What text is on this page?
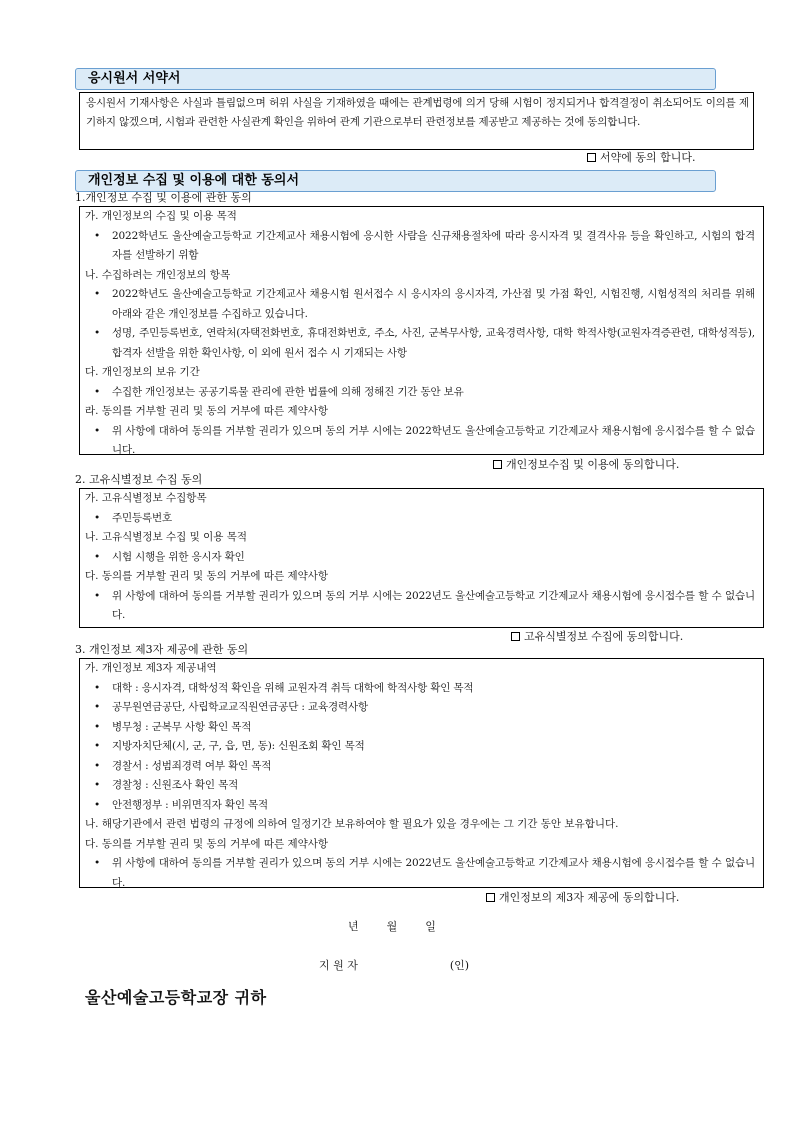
응시원서 서약서
응시원서 기재사항은 사실과 틀림없으며 허위 사실을 기재하였을 때에는 관계법령에 의거 당해 시험이 정지되거나 합격결정이 취소되어도 이의를 제기하지 않겠으며, 시험과 관련한 사실관계 확인을 위하여 관계 기관으로부터 관련정보를 제공받고 제공하는 것에 동의합니다.
서약에 동의 합니다.
개인정보 수집 및 이용에 대한 동의서
1.개인정보 수집 및 이용에 관한 동의
가. 개인정보의 수집 및 이용 목적
• 2022학년도 울산예술고등학교 기간제교사 채용시험에 응시한 사람을 신규채용절차에 따라 응시자격 및 결격사유 등을 확인하고, 시험의 합격자를 선발하기 위함
나. 수집하려는 개인정보의 항목
• 2022학년도 울산예술고등학교 기간제교사 채용시험 원서접수 시 응시자의 응시자격, 가산점 및 가점 확인, 시험진행, 시험성적의 처리를 위해 아래와 같은 개인정보를 수집하고 있습니다.
• 성명, 주민등록번호, 연락처(자택전화번호, 휴대전화번호, 주소, 사진, 군복무사항, 교육경력사항, 대학 학적사항(교원자격증관련, 대학성적등), 합격자 선발을 위한 확인사항, 이 외에 원서 접수 시 기재되는 사항
다. 개인정보의 보유 기간
• 수집한 개인정보는 공공기록물 관리에 관한 법률에 의해 정해진 기간 동안 보유
라. 동의를 거부할 권리 및 동의 거부에 따른 제약사항
• 위 사항에 대하여 동의를 거부할 권리가 있으며 동의 거부 시에는 2022학년도 울산예술고등학교 기간제교사 채용시험에 응시접수를 할 수 없습니다.
개인정보수집 및 이용에 동의합니다.
2. 고유식별정보 수집 동의
가. 고유식별정보 수집항목
• 주민등록번호
나. 고유식별정보 수집 및 이용 목적
• 시험 시행을 위한 응시자 확인
다. 동의를 거부할 권리 및 동의 거부에 따른 제약사항
• 위 사항에 대하여 동의를 거부할 권리가 있으며 동의 거부 시에는 2022년도 울산예술고등학교 기간제교사 채용시험에 응시접수를 할 수 없습니다.
고유식별정보 수집에 동의합니다.
3. 개인정보 제3자 제공에 관한 동의
가. 개인정보 제3자 제공내역
• 대학 : 응시자격, 대학성적 확인을 위해 교원자격 취득 대학에 학적사항 확인 목적
• 공무원연금공단, 사립학교교직원연금공단 : 교육경력사항
• 병무청 : 군복무 사항 확인 목적
• 지방자치단체(시, 군, 구, 읍, 면, 동): 신원조회 확인 목적
• 경찰서 : 성범죄경력 여부 확인 목적
• 경찰청 : 신원조사 확인 목적
• 안전행정부 : 비위면직자 확인 목적
나. 해당기관에서 관련 법령의 규정에 의하여 일정기간 보유하여야 할 필요가 있을 경우에는 그 기간 동안 보유합니다.
다. 동의를 거부할 권리 및 동의 거부에 따른 제약사항
• 위 사항에 대하여 동의를 거부할 권리가 있으며 동의 거부 시에는 2022년도 울산예술고등학교 기간제교사 채용시험에 응시접수를 할 수 없습니다.
개인정보의 제3자 제공에 동의합니다.
년        월        일

지 원 자	(인)

울산예술고등학교장 귀하
